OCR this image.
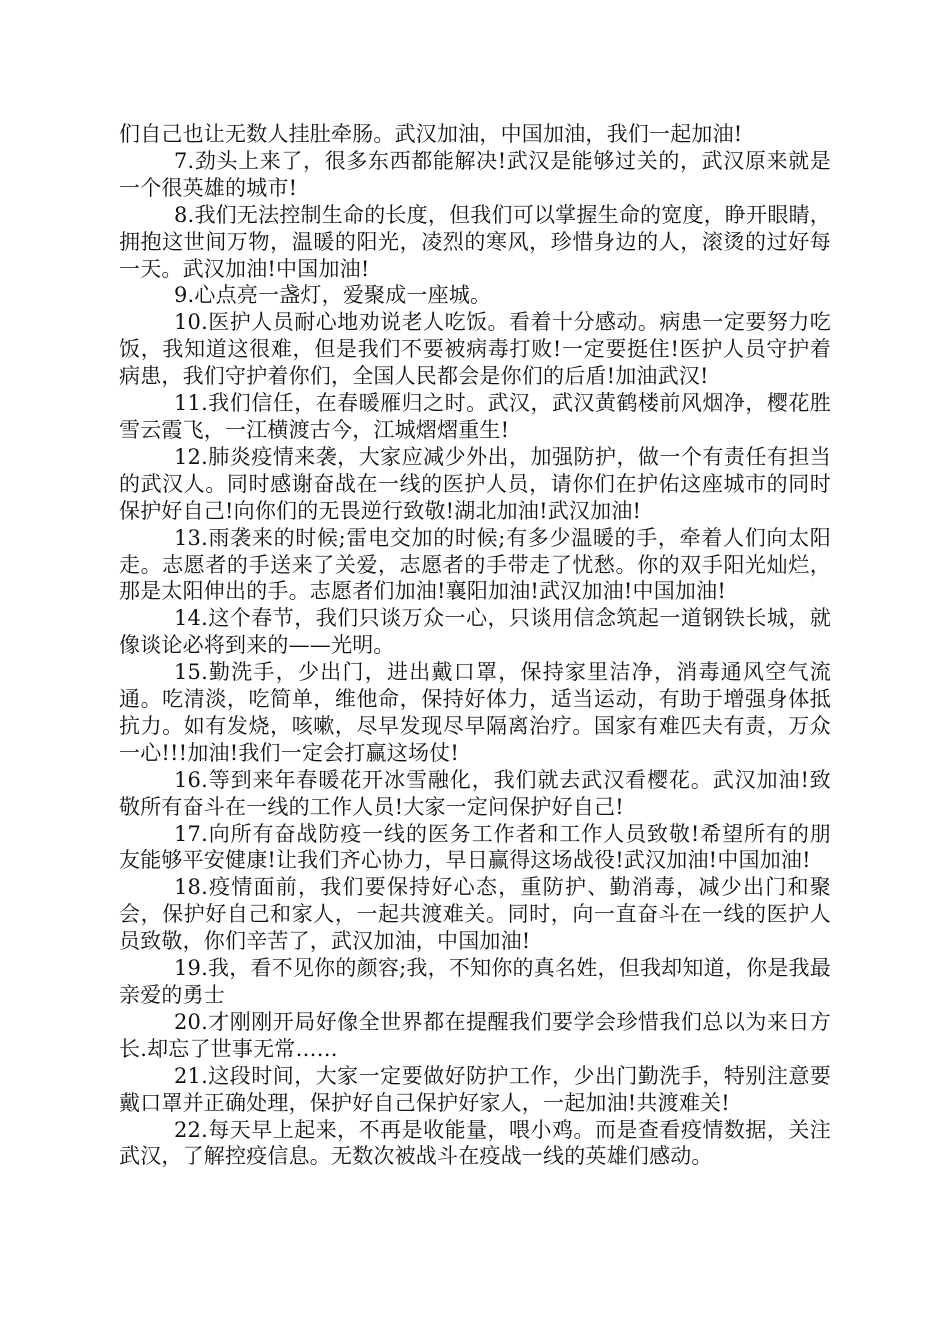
们自己也让无数人挂肚牵肠。武汉加油，中国加油，我们一起加油!

7.劲头上来了，很多东西都能解决!武汉是能够过关的，武汉原来就是一个很英雄的城市!

8.我们无法控制生命的长度，但我们可以掌握生命的宽度，睁开眼睛，拥抱这世间万物，温暖的阳光，凌烈的寒风，珍惜身边的人，滚烫的过好每一天。武汉加油!中国加油!

9.心点亮一盏灯，爱聚成一座城。

10.医护人员耐心地劝说老人吃饭。看着十分感动。病患一定要努力吃饭，我知道这很难，但是我们不要被病毒打败!一定要挺住!医护人员守护着病患，我们守护着你们，全国人民都会是你们的后盾!加油武汉!

11.我们信任，在春暖雁归之时。武汉，武汉黄鹤楼前风烟净，樱花胜雪云霞飞，一江横渡古今，江城熠熠重生!

12.肺炎疫情来袭，大家应减少外出，加强防护，做一个有责任有担当的武汉人。同时感谢奋战在一线的医护人员，请你们在护佑这座城市的同时保护好自己!向你们的无畏逆行致敬!湖北加油!武汉加油!

13.雨袭来的时候;雷电交加的时候;有多少温暖的手，牵着人们向太阳走。志愿者的手送来了关爱，志愿者的手带走了忧愁。你的双手阳光灿烂，那是太阳伸出的手。志愿者们加油!襄阳加油!武汉加油!中国加油!

14.这个春节，我们只谈万众一心，只谈用信念筑起一道钢铁长城，就像谈论必将到来的——光明。

15.勤洗手，少出门，进出戴口罩，保持家里洁净，消毒通风空气流通。吃清淡，吃简单，维他命，保持好体力，适当运动，有助于增强身体抵抗力。如有发烧，咳嗽，尽早发现尽早隔离治疗。国家有难匹夫有责，万众一心!!!加油!我们一定会打赢这场仗!

16.等到来年春暖花开冰雪融化，我们就去武汉看樱花。武汉加油!致敬所有奋斗在一线的工作人员!大家一定问保护好自己!

17.向所有奋战防疫一线的医务工作者和工作人员致敬!希望所有的朋友能够平安健康!让我们齐心协力，早日赢得这场战役!武汉加油!中国加油!

18.疫情面前，我们要保持好心态，重防护、勤消毒，减少出门和聚会，保护好自己和家人，一起共渡难关。同时，向一直奋斗在一线的医护人员致敬，你们辛苦了，武汉加油，中国加油!

19.我，看不见你的颜容;我，不知你的真名姓，但我却知道，你是我最亲爱的勇士

20.才刚刚开局好像全世界都在提醒我们要学会珍惜我们总以为来日方长.却忘了世事无常……

21.这段时间，大家一定要做好防护工作，少出门勤洗手，特别注意要戴口罩并正确处理，保护好自己保护好家人，一起加油!共渡难关!

22.每天早上起来，不再是收能量，喂小鸡。而是查看疫情数据，关注武汉，了解控疫信息。无数次被战斗在疫战一线的英雄们感动。
